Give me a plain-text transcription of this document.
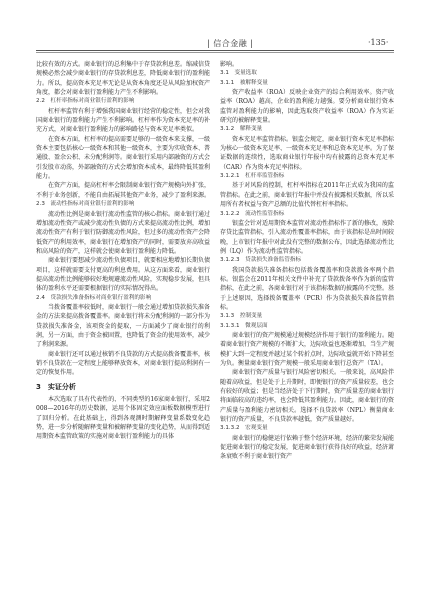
| 信合金融 |	·135·
比较有效的方式。商业银行的总利集中于存贷款利息差。缩减信贷规模必然会减少商业银行的存贷款利息差，降低商业银行的盈利能力。所以，提高资本充足率无论是从资本角度还是从风险加权资产角度，都会对商业银行盈利能力产生不利影响。
2.2　杠杆率指标对商业银行盈利的影响
杠杆率监管有利于增强我国商业银行经营的稳定性，但会对我国商业银行的盈利能力产生不利影响。杠杆率作为资本充足率的补充方式，对商业银行盈利能力的影响路径与资本充足率类似。
在资本方面，杠杆率的提高需要足够的一级资本来支撑，一级资本主要包括核心一级资本和其他一级资本，主要为实收资本、普通股、盈余公积、未分配利润等。商业银行采用内部融资的方式会引发股市动荡，外部融资的方式会增加资本成本，最终降低其盈利能力。
在资产方面，提高杠杆率会限制商业银行资产规模向外扩张，不利于业务创新，不能自由拓展其他资产业务，减少了盈利来源。
2.3　流动性指标对商业银行盈利的影响
流动性比例是商业银行流动性监管的核心指标。商业银行通过增加流动性资产或减少流动性负债的方式来提高流动性比例，增加流动性资产有利于银行防御流动性风险，但过多的流动性资产会降低资产的利用效率，商业银行在增加资产的同时，需要放弃高收益和高风险的资产，这样就会使商业银行盈利能力降低。
商业银行要想减少流动性负债项目，就要相应地增加长期负债项目，这样就需要支付更高的利息费用。从这方面来看，商业银行提高流动性比例能够较好地规避流动性风险，实现稳步发展，但具体的盈利水平还需要根据银行的实际情况得出。
2.4　贷款损失准备指标对商业银行盈利的影响
当拨备覆盖率较低时，商业银行一般会通过增加贷款损失准备金的方法来提高拨备覆盖率。商业银行将未分配利润的一部分作为贷款损失准备金，该项资金的提取，一方面减少了商业银行的利润，另一方面，由于资金被固置，也降低了资金的使用效率，减少了利润来源。
商业银行还可以通过核销不良贷款的方式提高拨备覆盖率，核销不良贷款在一定程度上能够释放资本，对商业银行提高利润有一定的恢复作用。
3　实证分析
本次选取了具有代表性的、不同类型的16家商业银行，采用2008—2016年的历史数据，运用个体固定效应面板数据模型进行了回归分析。在此基础上，得到各观测时期解释变量系数变化趋势，进一步分析随解释变量和被解释变量的变化趋势，从而得到适用期资本监管政策的实施对商业银行盈利能力的具体
影响。
3.1　变量选取
3.1.1　被解释变量
资产收益率（ROA）反映企业资产的综合利用效率。资产收益率（ROA）越高，企业的盈利能力越强。要分析商业银行资本监管对盈利能力的影响，因此选取资产收益率（ROA）作为实证研究的被解释变量。
3.1.2　解释变量
资本充足率监管指标。银监会规定，商业银行资本充足率指标为核心一级资本充足率、一级资本充足率和总资本充足率。为了保证数据的连续性，选取商业银行年报中均有披露的总资本充足率（CAR）作为资本充足率指标。
3.1.2.1　杠杆率监管指标
基于对风险的控制，杠杆率指标在2011年正式成为我国的监管指标。在此之前，商业银行年报中并没有披露相关数据，所以采用所有者权益与资产总额的比值代替杠杆率指标。
3.1.2.2　流动性监管指标
银监会针对适用期资本监管对流动性指标作了新的修改，废除存贷比监管指标，引入流动性覆盖率指标，由于该指标是出时间较晚，上市银行年报中对此没有完整的数据公布，因此选择流动性比例（LQ）作为流动性监管指标。
3.1.2.3　贷款损失准备监管指标
我国贷款损失准备指标包括拨备覆盖率和贷款拨备率两个指标。银监会在2011年相关文件中补充了贷款拨备率作为新的监管指标，在此之前，各商业银行对于该指标数据的披露尚不完整。基于上述原因，选择拨备覆盖率（PCR）作为贷款损失准备监管指标。
3.1.3　控制变量
3.1.3.1　微观层面
商业银行的资产规模通过规模经济作用于银行的盈利能力。随着商业银行资产规模的不断扩大，边际收益也逐渐增加，当生产规模扩大到一定程度并越过某个转折点时，边际收益就开始下降甚至为负。衡量商业银行资产规模一般采用商业银行总资产（TA）。
商业银行资产质量与银行风险密切相关。一般来说，高风险伴随着高收益，但是处于上升期时，即便银行的资产质量较差，也会有较好的收益；但是当经济处于下行期时，资产质量差的商业银行将面临较高的违约率，也会降低其盈利能力。因此，商业银行的资产质量与盈利能力密切相关。选择不良贷款率（NPL）衡量商业银行的资产质量，不良贷款率越低，资产质量越好。
3.1.3.2　宏观变量
商业银行的稳健运行依赖于整个经济环境，经济的繁荣发展能促进商业银行的稳定发展，促进商业银行获得良好的收益，经济萧条衰败不利于商业银行资产
